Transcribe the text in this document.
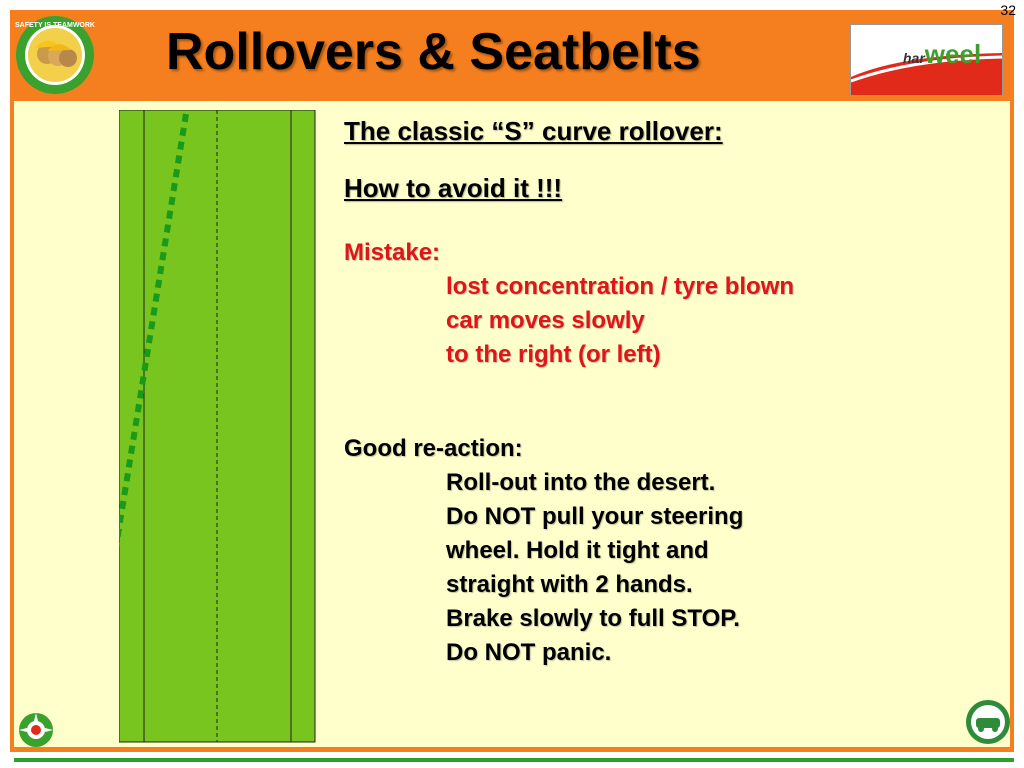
32
SAFETY IS TEAMWORK Rollovers & Seatbelts	harweel
The classic “S” curve rollover:
How to avoid it !!!
Mistake:
lost concentration / tyre blown
car moves slowly
to the right (or left)
Good re-action:
Roll-out into the desert.
Do NOT pull your steering
wheel. Hold it tight and
straight with 2 hands.
Brake slowly to full STOP.
Do NOT panic.
